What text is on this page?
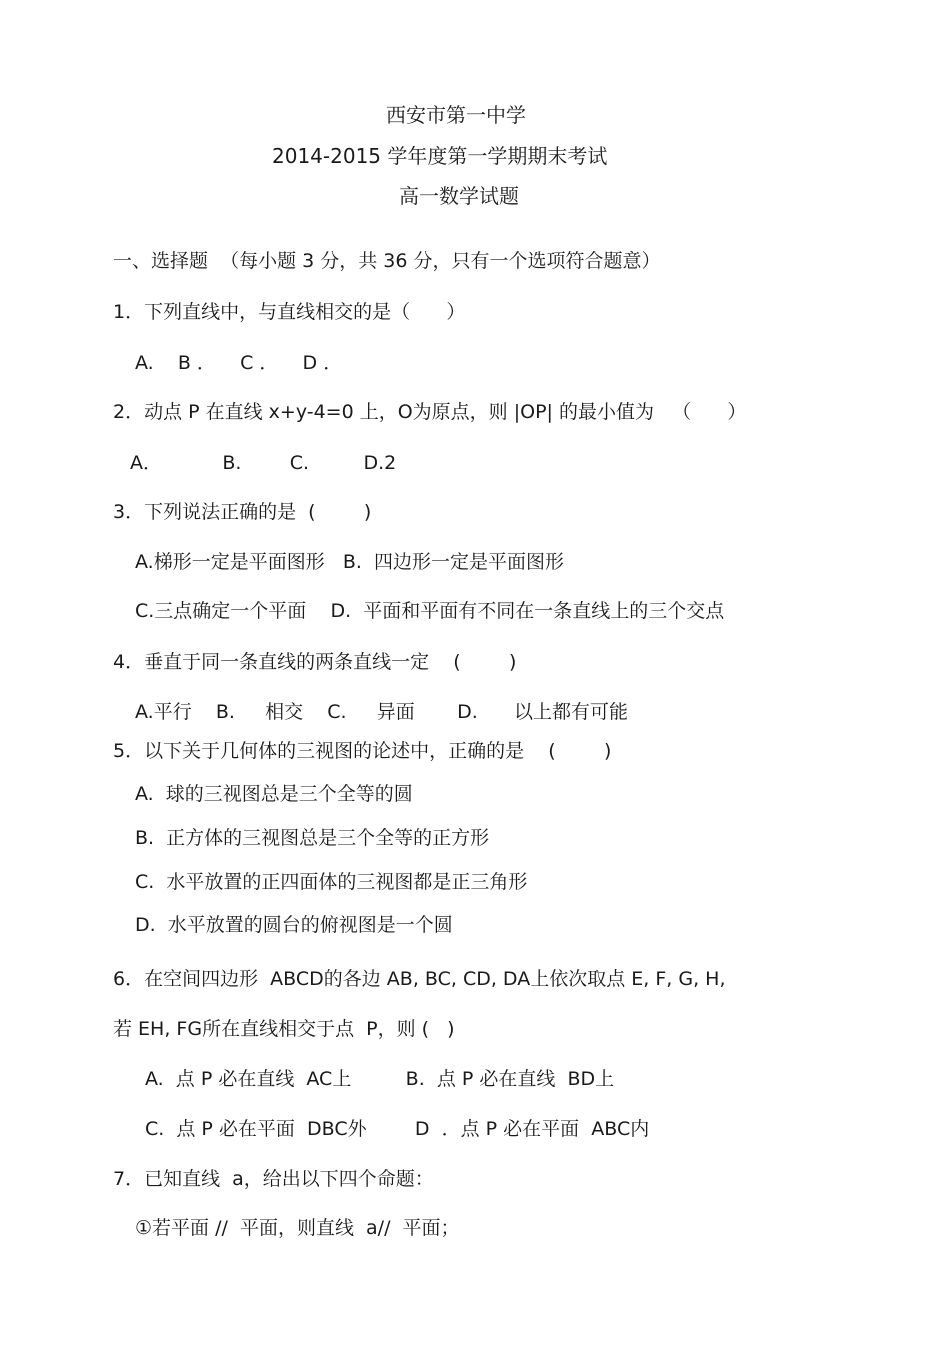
西安市第一中学
2014-2015 学年度第一学期期末考试
高一数学试题
一、选择题  （每小题 3 分，共 36 分，只有一个选项符合题意）
1．下列直线中，与直线相交的是（      ）
A.    B ．    C ．    D ．
2．动点 P 在直线 x+y-4=0 上，O为原点，则 |OP| 的最小值为   （      ）
A．          B.        C.         D.2
3．下列说法正确的是  (        )
A.梯形一定是平面图形   B.  四边形一定是平面图形
C.三点确定一个平面    D.  平面和平面有不同在一条直线上的三个交点
4．垂直于同一条直线的两条直线一定    (        )
A.平行    B.     相交    C.     异面       D.      以上都有可能
5．以下关于几何体的三视图的论述中，正确的是    (        )
A.  球的三视图总是三个全等的圆
B.  正方体的三视图总是三个全等的正方形
C.  水平放置的正四面体的三视图都是正三角形
D.  水平放置的圆台的俯视图是一个圆
6．在空间四边形  ABCD的各边 AB, BC, CD, DA上依次取点 E, F, G, H,
若 EH, FG所在直线相交于点  P，则 (   )
A.  点 P 必在直线  AC上         B.  点 P 必在直线  BD上
C.  点 P 必在平面  DBC外        D  ．点 P 必在平面  ABC内
7．已知直线  a，给出以下四个命题：
①若平面 //  平面，则直线  a//  平面；
